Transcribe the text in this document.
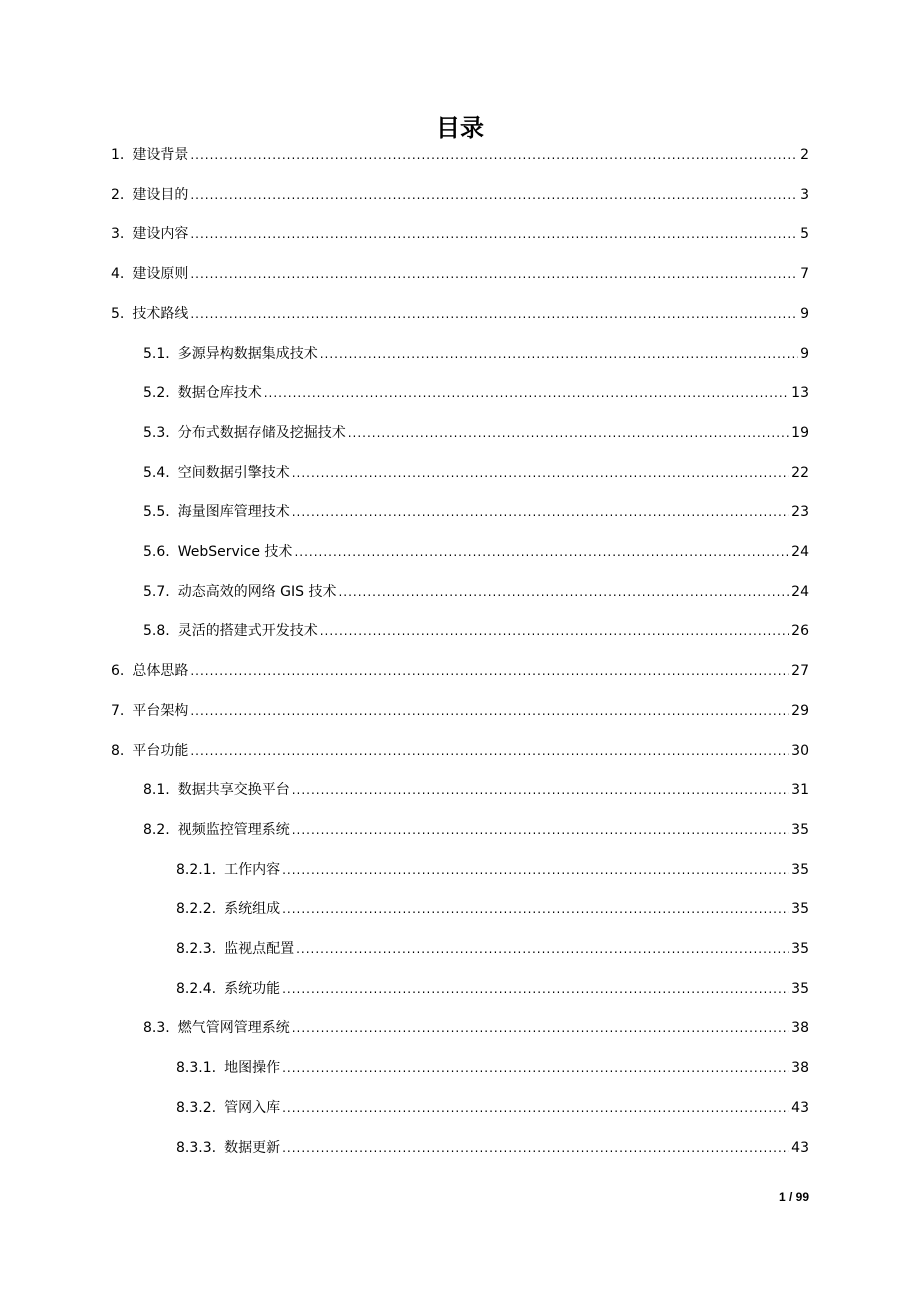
目录
1. 建设背景 .....	2
2. 建设目的 .....	3
3. 建设内容 .....	5
4. 建设原则 .....	7
5. 技术路线 .....	9
5.1. 多源异构数据集成技术 .....	9
5.2. 数据仓库技术 .....	13
5.3. 分布式数据存储及挖掘技术 .....	19
5.4. 空间数据引擎技术 .....	22
5.5. 海量图库管理技术 .....	23
5.6. WebService 技术 .....	24
5.7. 动态高效的网络 GIS 技术 .....	24
5.8. 灵活的搭建式开发技术 .....	26
6. 总体思路 .....	27
7. 平台架构 .....	29
8. 平台功能 .....	30
8.1. 数据共享交换平台 .....	31
8.2. 视频监控管理系统 .....	35
8.2.1. 工作内容 .....	35
8.2.2. 系统组成 .....	35
8.2.3. 监视点配置 .....	35
8.2.4. 系统功能 .....	35
8.3. 燃气管网管理系统 .....	38
8.3.1. 地图操作 .....	38
8.3.2. 管网入库 .....	43
8.3.3. 数据更新 .....	43
1 / 99
